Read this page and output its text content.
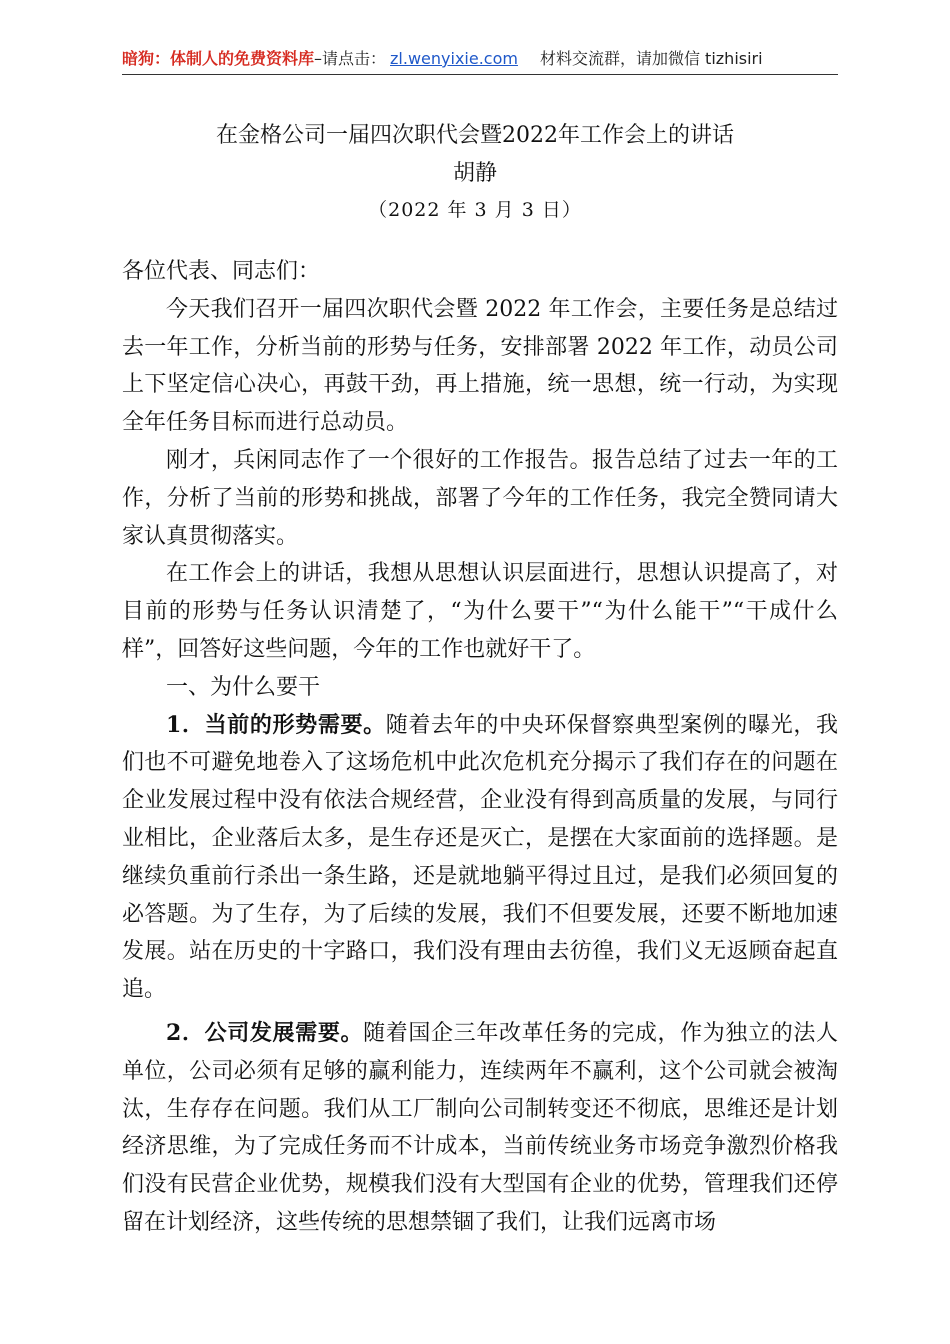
暗狗：体制人的免费资料库 –请点击： zl.wenyixie.com 材料交流群，请加微信 tizhisiri
在金格公司一届四次职代会暨2022年工作会上的讲话
胡静
（2022 年 3 月 3 日）

各位代表、同志们：

今天我们召开一届四次职代会暨 2022 年工作会，主要任务是总结过去一年工作，分析当前的形势与任务，安排部署 2022 年工作，动员公司上下坚定信心决心，再鼓干劲，再上措施，统一思想，统一行动，为实现全年任务目标而进行总动员。

刚才，兵闲同志作了一个很好的工作报告。报告总结了过去一年的工作，分析了当前的形势和挑战，部署了今年的工作任务，我完全赞同请大家认真贯彻落实。

在工作会上的讲话，我想从思想认识层面进行，思想认识提高了，对目前的形势与任务认识清楚了，“为什么要干”“为什么能干”“干成什么样”，回答好这些问题，今年的工作也就好干了。

一、为什么要干

1．当前的形势需要。随着去年的中央环保督察典型案例的曝光，我们也不可避免地卷入了这场危机中此次危机充分揭示了我们存在的问题在企业发展过程中没有依法合规经营，企业没有得到高质量的发展，与同行业相比，企业落后太多，是生存还是灭亡，是摆在大家面前的选择题。是继续负重前行杀出一条生路，还是就地躺平得过且过，是我们必须回复的必答题。为了生存，为了后续的发展，我们不但要发展，还要不断地加速发展。站在历史的十字路口，我们没有理由去彷徨，我们义无返顾奋起直追。

2．公司发展需要。随着国企三年改革任务的完成，作为独立的法人单位，公司必须有足够的赢利能力，连续两年不赢利，这个公司就会被淘汰，生存存在问题。我们从工厂制向公司制转变还不彻底，思维还是计划经济思维，为了完成任务而不计成本，当前传统业务市场竞争激烈价格我们没有民营企业优势，规模我们没有大型国有企业的优势，管理我们还停留在计划经济，这些传统的思想禁锢了我们，让我们远离市场
